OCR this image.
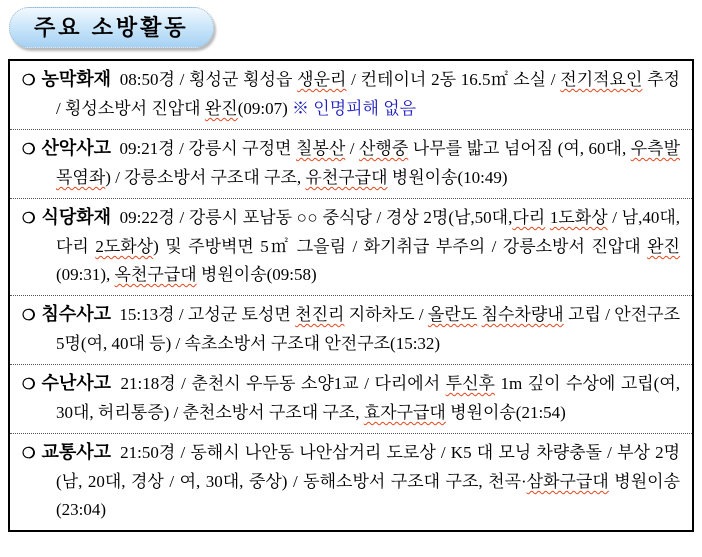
주요 소방활동
❍ 농막화재 08:50경 / 횡성군 횡성읍 생운리 / 컨테이너 2동 16.5㎡ 소실 / 전기적요인 추정 / 횡성소방서 진압대 완진(09:07) ※ 인명피해 없음
❍ 산악사고 09:21경 / 강릉시 구정면 칠봉산 / 산행중 나무를 밟고 넘어짐 (여, 60대, 우측발목염좌) / 강릉소방서 구조대 구조, 유천구급대 병원이송(10:49)
❍ 식당화재 09:22경 / 강릉시 포남동 ○○ 중식당 / 경상 2명(남,50대,다리 1도화상 / 남,40대, 다리 2도화상) 및 주방벽면 5㎡ 그을림 / 화기취급 부주의 / 강릉소방서 진압대 완진(09:31), 옥천구급대 병원이송(09:58)
❍ 침수사고 15:13경 / 고성군 토성면 천진리 지하차도 / 올란도 침수차량내 고립 / 안전구조 5명(여, 40대 등) / 속초소방서 구조대 안전구조(15:32)
❍ 수난사고 21:18경 / 춘천시 우두동 소양1교 / 다리에서 투신후 1m 깊이 수상에 고립(여, 30대, 허리통증) / 춘천소방서 구조대 구조, 효자구급대 병원이송(21:54)
❍ 교통사고 21:50경 / 동해시 나안동 나안삼거리 도로상 / K5 대 모닝 차량충돌 / 부상 2명(남, 20대, 경상 / 여, 30대, 중상) / 동해소방서 구조대 구조, 천곡·삼화구급대 병원이송(23:04)
